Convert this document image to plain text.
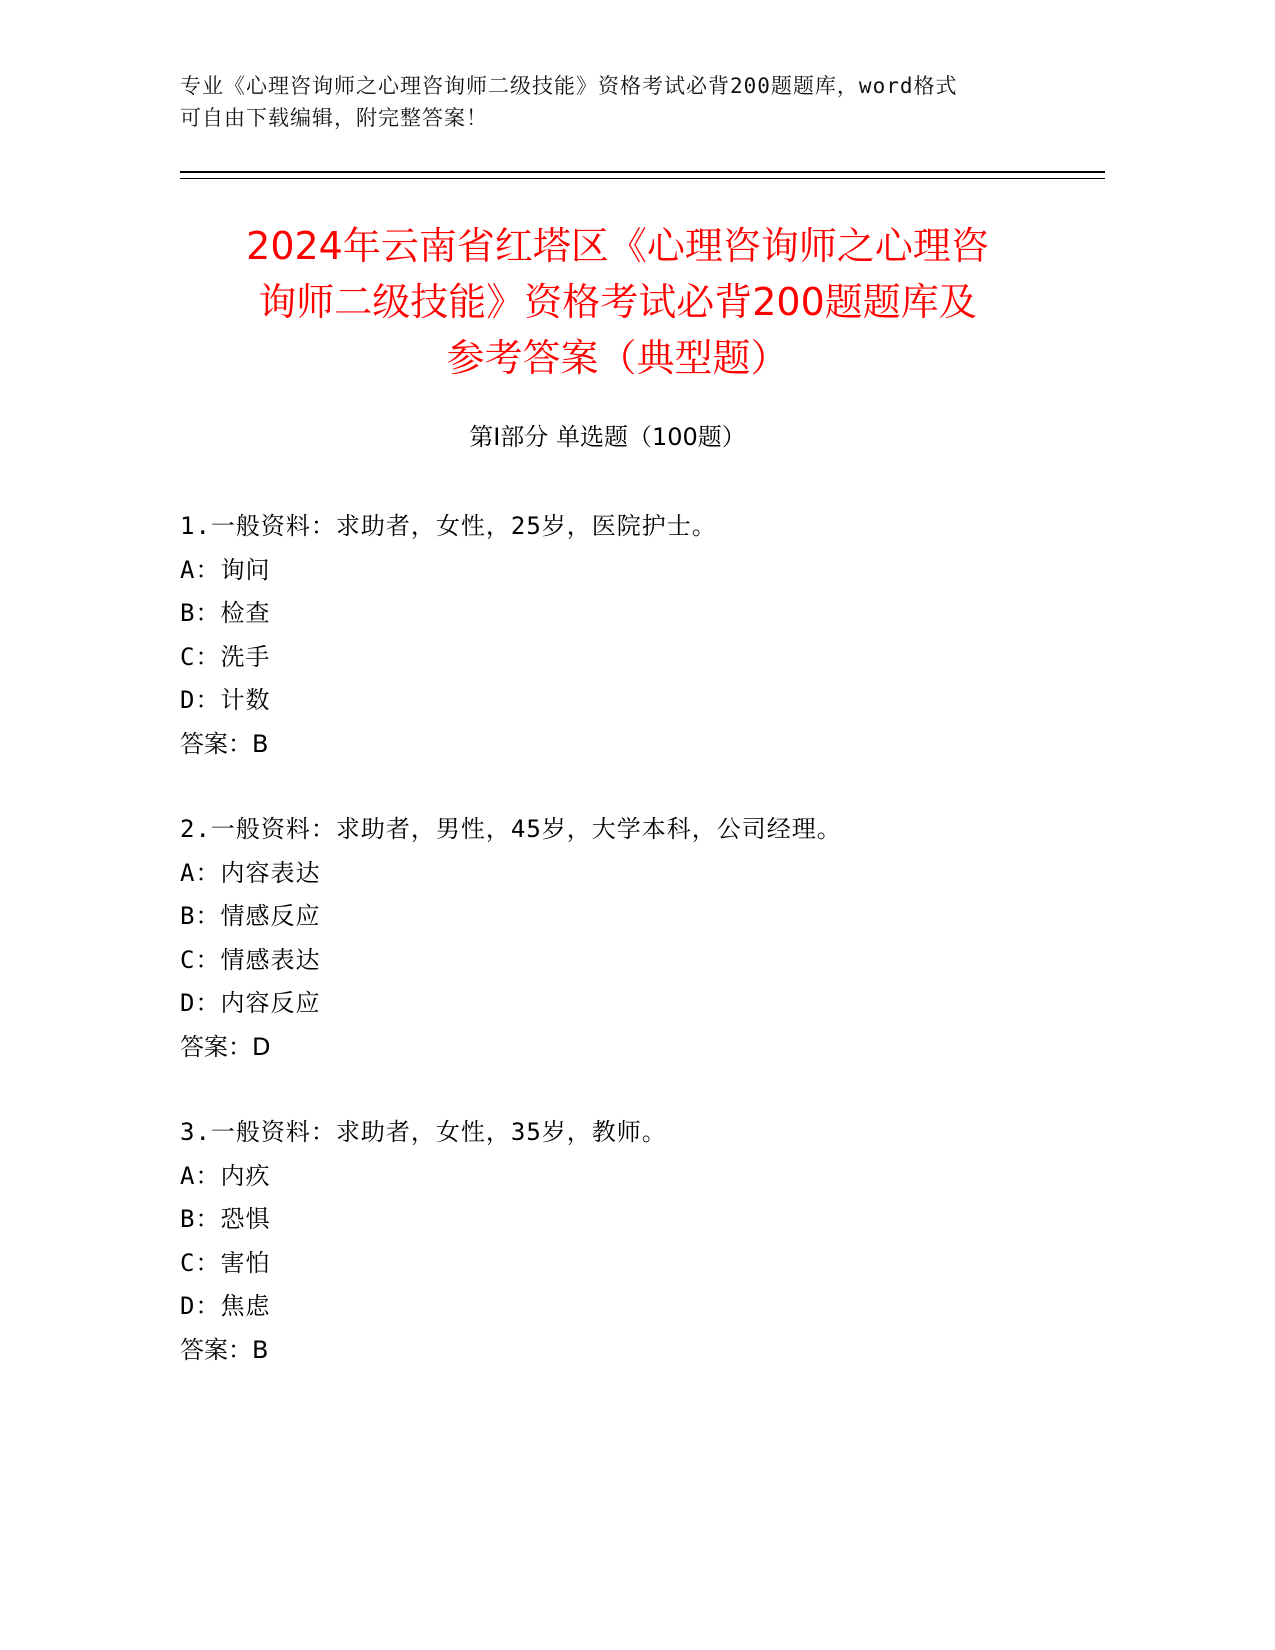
专业《心理咨询师之心理咨询师二级技能》资格考试必背200题题库，word格式
可自由下载编辑，附完整答案！
2024年云南省红塔区《心理咨询师之心理咨
询师二级技能》资格考试必背200题题库及
参考答案（典型题）
第I部分 单选题（100题）
1.一般资料：求助者，女性，25岁，医院护士。
A：询问
B：检查
C：洗手
D：计数
答案：B
2.一般资料：求助者，男性，45岁，大学本科，公司经理。
A：内容表达
B：情感反应
C：情感表达
D：内容反应
答案：D
3.一般资料：求助者，女性，35岁，教师。
A：内疚
B：恐惧
C：害怕
D：焦虑
答案：B
